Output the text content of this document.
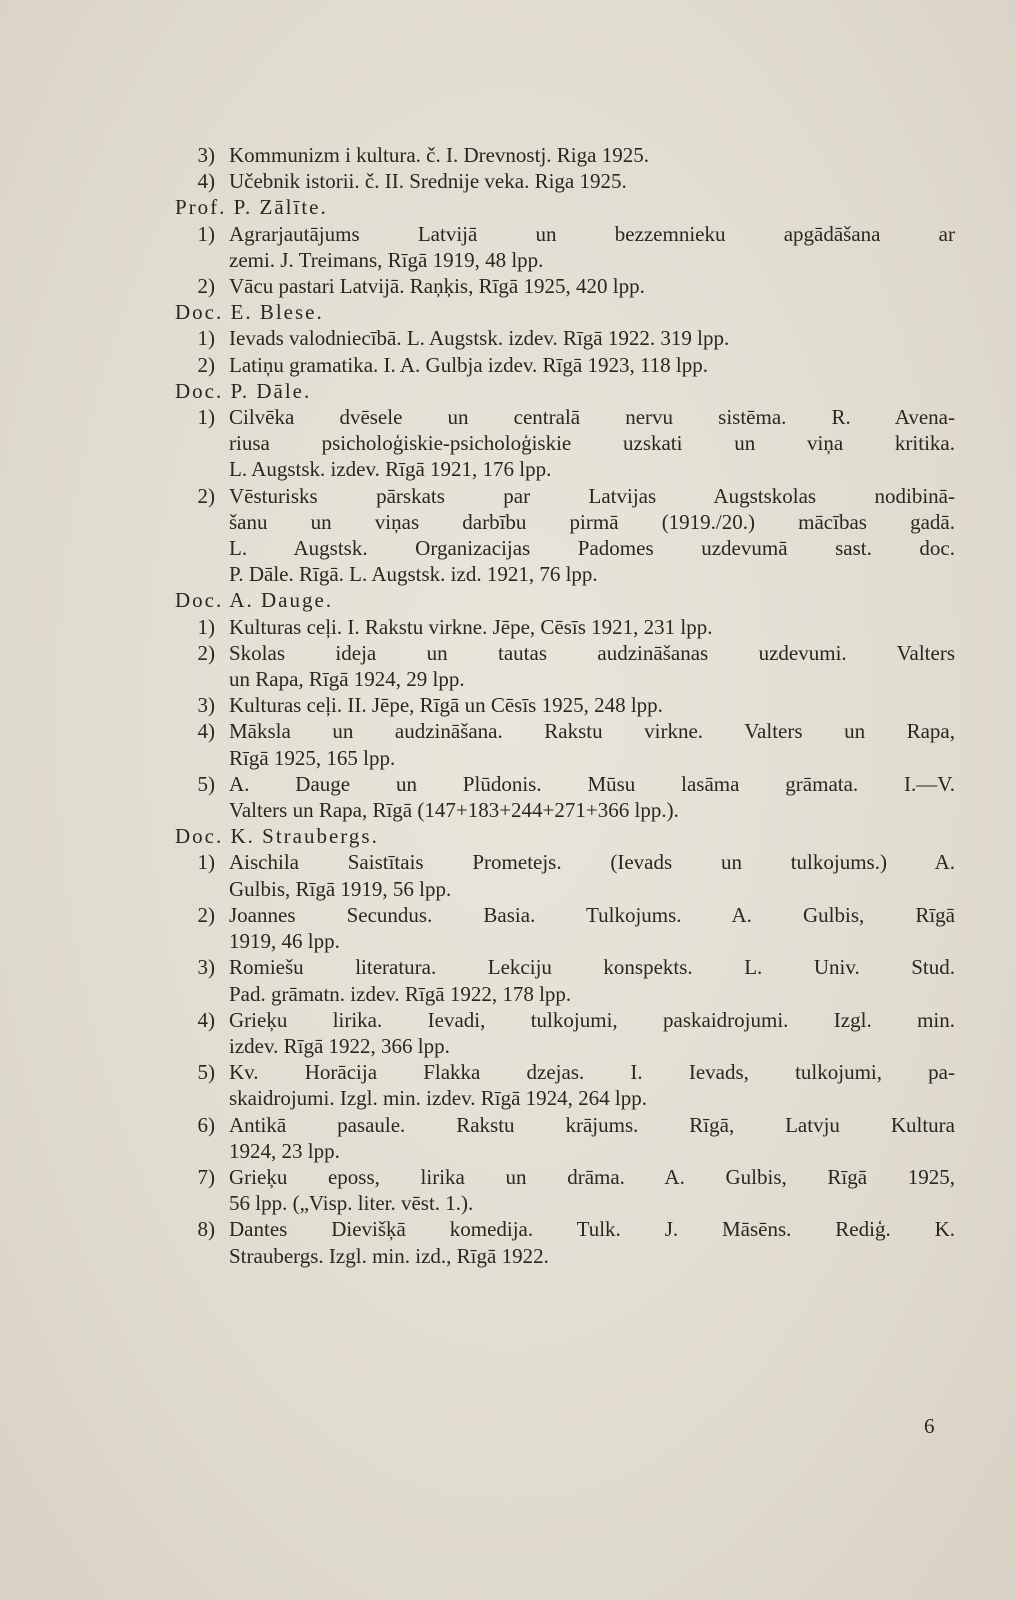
3) Kommunizm i kultura. č. I. Drevnostj. Riga 1925.
4) Učebnik istorii. č. II. Srednije veka. Riga 1925.
Prof. P. Zālīte.
1) Agrarjautājums Latvijā un bezzemnieku apgādāšana ar
zemi. J. Treimans, Rīgā 1919, 48 lpp.
2) Vācu pastari Latvijā. Raņķis, Rīgā 1925, 420 lpp.
Doc. E. Blese.
1) Ievads valodniecībā. L. Augstsk. izdev. Rīgā 1922. 319 lpp.
2) Latiņu gramatika. I. A. Gulbja izdev. Rīgā 1923, 118 lpp.
Doc. P. Dāle.
1) Cilvēka dvēsele un centralā nervu sistēma. R. Avena-
riusa psicholoģiskie-psicholoģiskie uzskati un viņa kritika.
L. Augstsk. izdev. Rīgā 1921, 176 lpp.
2) Vēsturisks pārskats par Latvijas Augstskolas nodibinā-
šanu un viņas darbību pirmā (1919./20.) mācības gadā.
L. Augstsk. Organizacijas Padomes uzdevumā sast. doc.
P. Dāle. Rīgā. L. Augstsk. izd. 1921, 76 lpp.
Doc. A. Dauge.
1) Kulturas ceļi. I. Rakstu virkne. Jēpe, Cēsīs 1921, 231 lpp.
2) Skolas ideja un tautas audzināšanas uzdevumi. Valters
un Rapa, Rīgā 1924, 29 lpp.
3) Kulturas ceļi. II. Jēpe, Rīgā un Cēsīs 1925, 248 lpp.
4) Māksla un audzināšana. Rakstu virkne. Valters un Rapa,
Rīgā 1925, 165 lpp.
5) A. Dauge un Plūdonis. Mūsu lasāma grāmata. I.—V.
Valters un Rapa, Rīgā (147+183+244+271+366 lpp.).
Doc. K. Straubergs.
1) Aischila Saistītais Prometejs. (Ievads un tulkojums.) A.
Gulbis, Rīgā 1919, 56 lpp.
2) Joannes Secundus. Basia. Tulkojums. A. Gulbis, Rīgā
1919, 46 lpp.
3) Romiešu literatura. Lekciju konspekts. L. Univ. Stud.
Pad. grāmatn. izdev. Rīgā 1922, 178 lpp.
4) Grieķu lirika. Ievadi, tulkojumi, paskaidrojumi. Izgl. min.
izdev. Rīgā 1922, 366 lpp.
5) Kv. Horācija Flakka dzejas. I. Ievads, tulkojumi, pa-
skaidrojumi. Izgl. min. izdev. Rīgā 1924, 264 lpp.
6) Antikā pasaule. Rakstu krājums. Rīgā, Latvju Kultura
1924, 23 lpp.
7) Grieķu eposs, lirika un drāma. A. Gulbis, Rīgā 1925,
56 lpp. („Visp. liter. vēst. 1.).
8) Dantes Dievišķā komedija. Tulk. J. Māsēns. Rediģ. K.
Straubergs. Izgl. min. izd., Rīgā 1922.
6
